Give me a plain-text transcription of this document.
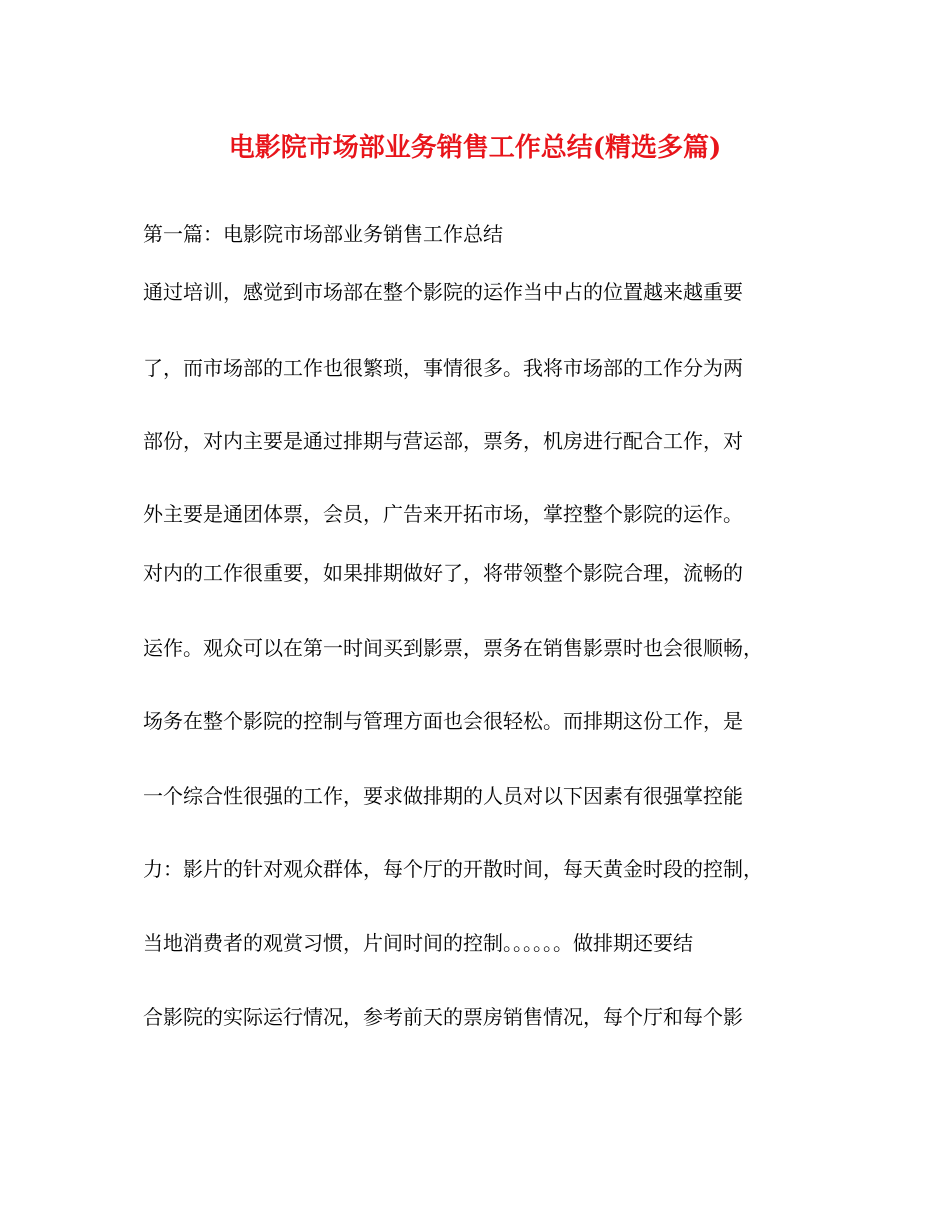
电影院市场部业务销售工作总结(精选多篇)
第一篇：电影院市场部业务销售工作总结
通过培训，感觉到市场部在整个影院的运作当中占的位置越来越重要
了，而市场部的工作也很繁琐，事情很多。我将市场部的工作分为两
部份，对内主要是通过排期与营运部，票务，机房进行配合工作，对
外主要是通团体票，会员，广告来开拓市场，掌控整个影院的运作。
对内的工作很重要，如果排期做好了，将带领整个影院合理，流畅的
运作。观众可以在第一时间买到影票，票务在销售影票时也会很顺畅，
场务在整个影院的控制与管理方面也会很轻松。而排期这份工作，是
一个综合性很强的工作，要求做排期的人员对以下因素有很强掌控能
力：影片的针对观众群体，每个厅的开散时间，每天黄金时段的控制，
当地消费者的观赏习惯，片间时间的控制。。。。。。做排期还要结
合影院的实际运行情况，参考前天的票房销售情况，每个厅和每个影
